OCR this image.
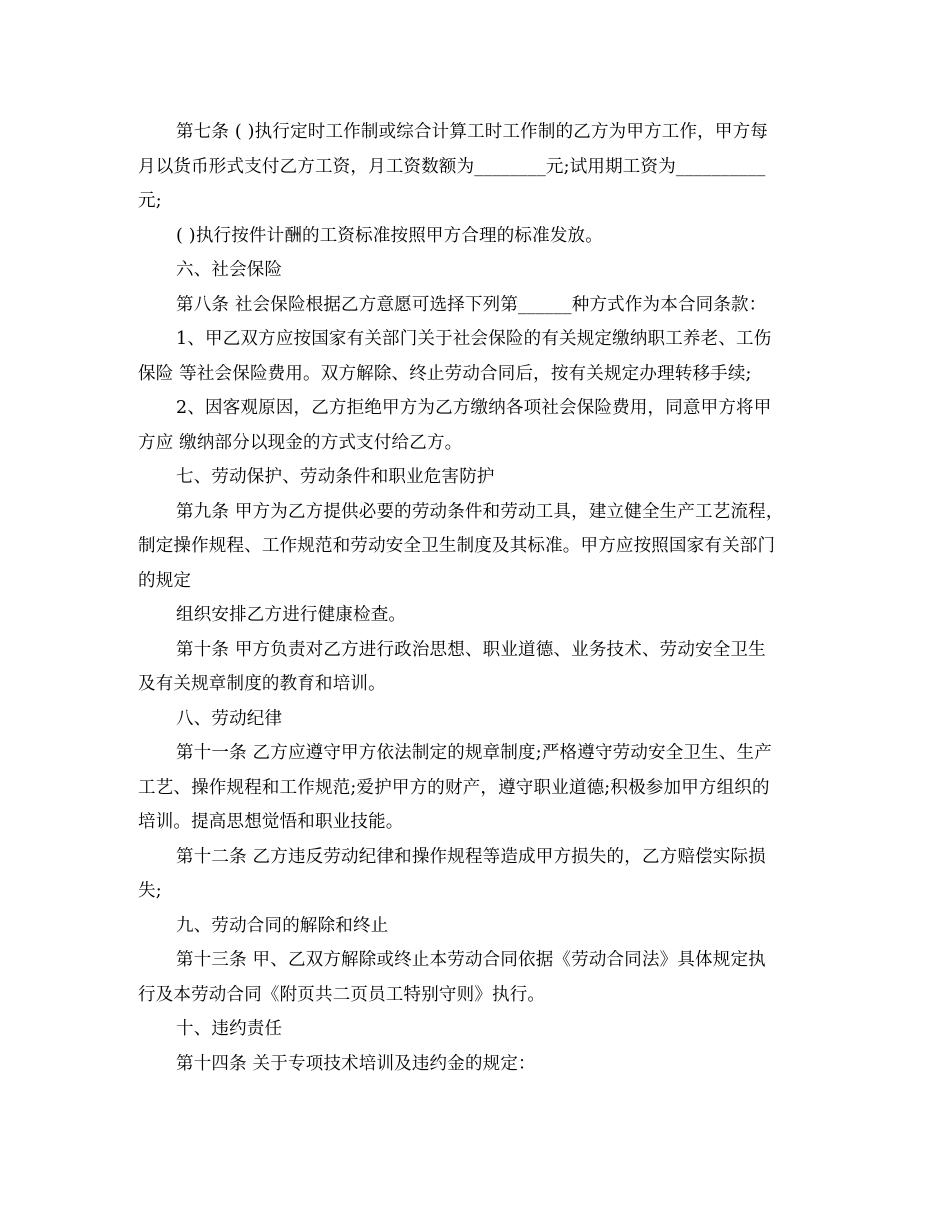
第七条 ( )执行定时工作制或综合计算工时工作制的乙方为甲方工作，甲方每
月以货币形式支付乙方工资，月工资数额为________元;试用期工资为__________
元;
( )执行按件计酬的工资标准按照甲方合理的标准发放。
六、社会保险
第八条 社会保险根据乙方意愿可选择下列第______种方式作为本合同条款：
1、甲乙双方应按国家有关部门关于社会保险的有关规定缴纳职工养老、工伤
保险 等社会保险费用。双方解除、终止劳动合同后，按有关规定办理转移手续;
2、因客观原因，乙方拒绝甲方为乙方缴纳各项社会保险费用，同意甲方将甲
方应 缴纳部分以现金的方式支付给乙方。
七、劳动保护、劳动条件和职业危害防护
第九条 甲方为乙方提供必要的劳动条件和劳动工具，建立健全生产工艺流程，
制定操作规程、工作规范和劳动安全卫生制度及其标准。甲方应按照国家有关部门
的规定
组织安排乙方进行健康检查。
第十条 甲方负责对乙方进行政治思想、职业道德、业务技术、劳动安全卫生
及有关规章制度的教育和培训。
八、劳动纪律
第十一条 乙方应遵守甲方依法制定的规章制度;严格遵守劳动安全卫生、生产
工艺、操作规程和工作规范;爱护甲方的财产，遵守职业道德;积极参加甲方组织的
培训。提高思想觉悟和职业技能。
第十二条 乙方违反劳动纪律和操作规程等造成甲方损失的，乙方赔偿实际损
失;
九、劳动合同的解除和终止
第十三条 甲、乙双方解除或终止本劳动合同依据《劳动合同法》具体规定执
行及本劳动合同《附页共二页员工特别守则》执行。
十、违约责任
第十四条 关于专项技术培训及违约金的规定：
